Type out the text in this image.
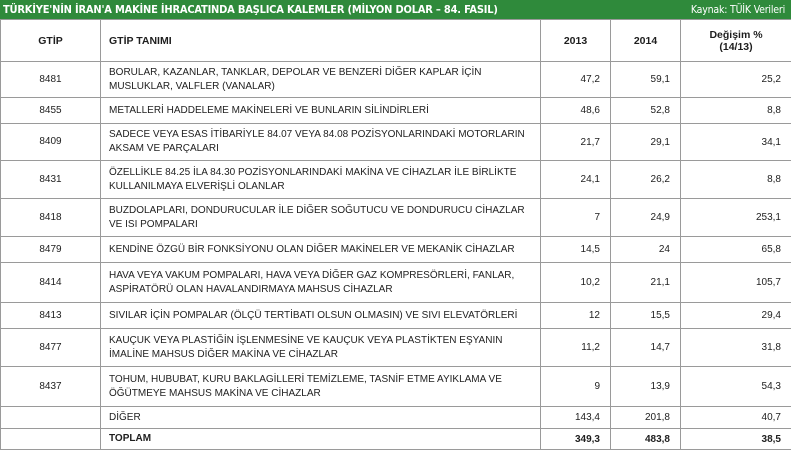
TÜRKİYE'NİN İRAN'A MAKİNE İHRACATINDA BAŞLICA KALEMLER (MİLYON DOLAR – 84. FASIL)	Kaynak: TÜİK Verileri
GTİP	GTİP TANIMI	2013	2014	Değişim %
(14/13)
8481	BORULAR, KAZANLAR, TANKLAR, DEPOLAR VE BENZERİ DİĞER KAPLAR İÇİN MUSLUKLAR, VALFLER (VANALAR)	47,2	59,1	25,2
8455	METALLERİ HADDELEME MAKİNELERİ VE BUNLARIN SİLİNDİRLERİ	48,6	52,8	8,8
8409	SADECE VEYA ESAS İTİBARİYLE 84.07 VEYA 84.08 POZİSYONLARINDAKİ MOTORLARIN AKSAM VE PARÇALARI	21,7	29,1	34,1
8431	ÖZELLİKLE 84.25 İLA 84.30 POZİSYONLARINDAKİ MAKİNA VE CİHAZLAR İLE BİRLİKTE KULLANILMAYA ELVERİŞLİ OLANLAR	24,1	26,2	8,8
8418	BUZDOLAPLARI, DONDURUCULAR İLE DİĞER SOĞUTUCU VE DONDURUCU CİHAZLAR VE ISI POMPALARI	7	24,9	253,1
8479	KENDİNE ÖZGÜ BİR FONKSİYONU OLAN DİĞER MAKİNELER VE MEKANİK CİHAZLAR	14,5	24	65,8
8414	HAVA VEYA VAKUM POMPALARI, HAVA VEYA DİĞER GAZ KOMPRESÖRLERİ, FANLAR, ASPİRATÖRÜ OLAN HAVALANDIRMAYA MAHSUS CİHAZLAR	10,2	21,1	105,7
8413	SIVILAR İÇİN POMPALAR (ÖLÇÜ TERTİBATI OLSUN OLMASIN) VE SIVI ELEVATÖRLERİ	12	15,5	29,4
8477	KAUÇUK VEYA PLASTİĞİN İŞLENMESİNE VE KAUÇUK VEYA PLASTİKTEN EŞYANIN İMALİNE MAHSUS DİĞER MAKİNA VE CİHAZLAR	11,2	14,7	31,8
8437	TOHUM, HUBUBAT, KURU BAKLAGİLLERİ TEMİZLEME, TASNİF ETME AYIKLAMA VE ÖĞÜTMEYE MAHSUS MAKİNA VE CİHAZLAR	9	13,9	54,3
	DİĞER	143,4	201,8	40,7
	TOPLAM	349,3	483,8	38,5
